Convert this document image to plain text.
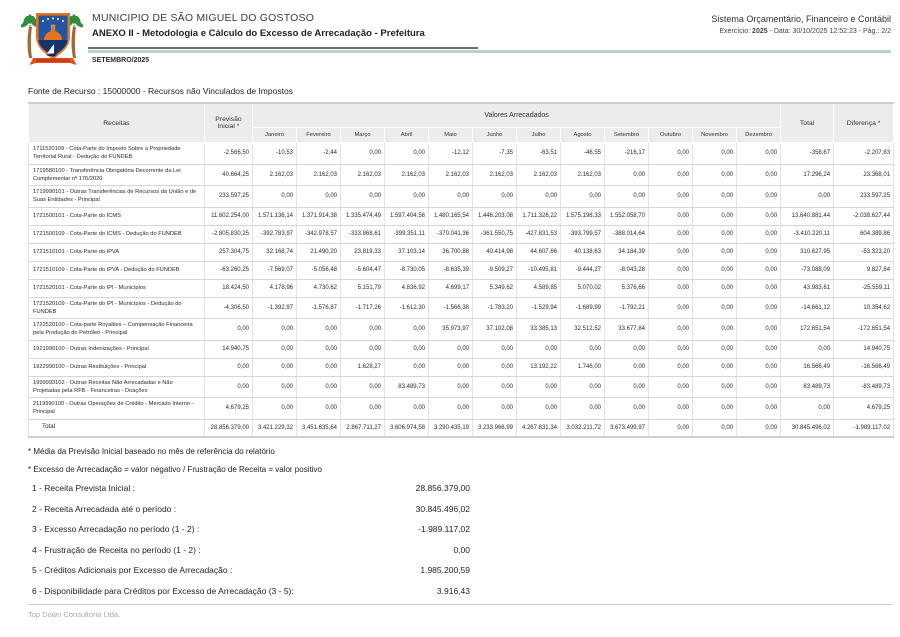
MUNICIPIO DE SÃO MIGUEL DO GOSTOSO
ANEXO II - Metodologia e Cálculo do Excesso de Arrecadação - Prefeitura
SETEMBRO/2025
Sistema Orçamentário, Financeiro e Contábil
Exercício: 2025 - Data: 30/10/2025 12:52:23 - Pág.: 2/2
Fonte de Recurso : 15000000 - Recursos não Vinculados de Impostos
Receitas	Previsão Inicial *	Valores Arrecadados												Total	Diferença *
		Janeiro	Fevereiro	Março	Abril	Maio	Junho	Julho	Agosto	Setembro	Outubro	Novembro	Dezembro		
1711520109 - Cota-Parte do Imposto Sobre a Propriedade Territorial Rural - Dedução do FUNDEB	-2.566,50	-10,53	-2,44	0,00	0,00	-12,12	-7,35	-63,51	-46,55	-216,17	0,00	0,00	0,00	-358,67	-2.207,83
1719580100 - Transferência Obrigatória Decorrente da Lei Complementar nº 176/2020	40.664,25	2.162,03	2.162,03	2.162,03	2.162,03	2.162,03	2.162,03	2.162,03	2.162,03	0,00	0,00	0,00	0,00	17.296,24	23.368,01
1719990101 - Outras Transferências de Recursos da União e de Suas Entidades - Principal	233.597,25	0,00	0,00	0,00	0,00	0,00	0,00	0,00	0,00	0,00	0,00	0,00	0,00	0,00	233.597,25
1721500101 - Cota-Parte do ICMS	11.602.254,00	1.571.136,14	1.371.914,38	1.335.474,49	1.597.404,56	1.480.165,54	1.446.203,08	1.711.326,22	1.575.198,33	1.552.058,70	0,00	0,00	0,00	13.640.881,44	-2.038.627,44
1721500109 - Cota-Parte do ICMS - Dedução do FUNDEB	-2.805.830,25	-392.783,97	-342.978,57	-333.868,61	-399.351,11	-370.041,36	-361.550,75	-427.831,53	-393.799,57	-388.014,64	0,00	0,00	0,00	-3.410.220,11	604.389,86
1721510101 - Cota-Parte do IPVA	257.304,75	32.168,74	21.490,20	23.819,33	37.103,14	36.700,88	40.414,98	44.607,66	40.138,63	34.184,39	0,00	0,00	0,00	310.627,95	-53.323,20
1721510109 - Cota-Parte do IPVA - Dedução do FUNDEB	-63.260,25	-7.569,07	-5.056,48	-5.604,47	-8.730,05	-8.635,39	-9.509,27	-10.495,81	-9.444,27	-8.043,28	0,00	0,00	0,00	-73.088,09	9.827,84
1721520101 - Cota-Parte do IPI - Municípios	18.424,50	4.178,96	4.730,62	5.151,79	4.836,92	4.699,17	5.349,62	4.589,85	5.070,02	5.376,66	0,00	0,00	0,00	43.983,61	-25.559,11
1721520109 - Cota-Parte do IPI - Municípios - Dedução do FUNDEB	-4.306,50	-1.392,97	-1.576,87	-1.717,26	-1.612,30	-1.566,38	-1.783,20	-1.529,94	-1.689,99	-1.792,21	0,00	0,00	0,00	-14.661,12	10.354,62
1722520100 - Cota-parte Royalties – Compensação Financeira pela Produção do Petróleo - Principal	0,00	0,00	0,00	0,00	0,00	35.973,97	37.102,08	33.385,13	32.512,52	33.677,84	0,00	0,00	0,00	172.651,54	-172.651,54
1921990100 - Outras Indenizações - Principal	14.940,75	0,00	0,00	0,00	0,00	0,00	0,00	0,00	0,00	0,00	0,00	0,00	0,00	0,00	14.940,75
1922990100 - Outras Restituições - Principal	0,00	0,00	0,00	1.628,27	0,00	0,00	0,00	13.192,22	1.746,00	0,00	0,00	0,00	0,00	16.566,49	-16.566,49
1999993102 - Outras Receitas Não Arrecadadas e Não Projetadas pela RFB - Financeiras - Doações	0,00	0,00	0,00	0,00	83.489,73	0,00	0,00	0,00	0,00	0,00	0,00	0,00	0,00	83.489,73	-83.489,73
2119990100 - Outras Operações de Crédito - Mercado Interno - Principal	4.679,25	0,00	0,00	0,00	0,00	0,00	0,00	0,00	0,00	0,00	0,00	0,00	0,00	0,00	4.679,25
Total	28.856.379,00	3.421.229,32	3.451.635,64	2.867.711,27	3.606.974,58	3.290.435,19	3.233.966,99	4.267.831,34	3.032.211,72	3.673.499,97	0,00	0,00	0,00	30.845.496,02	-1.989.117,02
* Média da Previsão Inicial baseado no mês de referência do relatório
* Excesso de Arrecadação = valor negativo / Frustração de Receita = valor positivo
1 - Receita Prevista Inicial :	28.856.379,00
2 - Receita Arrecadada até o período :	30.845.496,02
3 - Excesso Arrecadação no período (1 - 2) :	-1.989.117,02
4 - Frustração de Receita no período (1 - 2) :	0,00
5 - Créditos Adicionais por Excesso de Arrecadação :	1.985.200,59
6 - Disponibilidade para Créditos por Excesso de Arrecadação (3 - 5):	3.916,43
Top Down Consultoria Ltda.
